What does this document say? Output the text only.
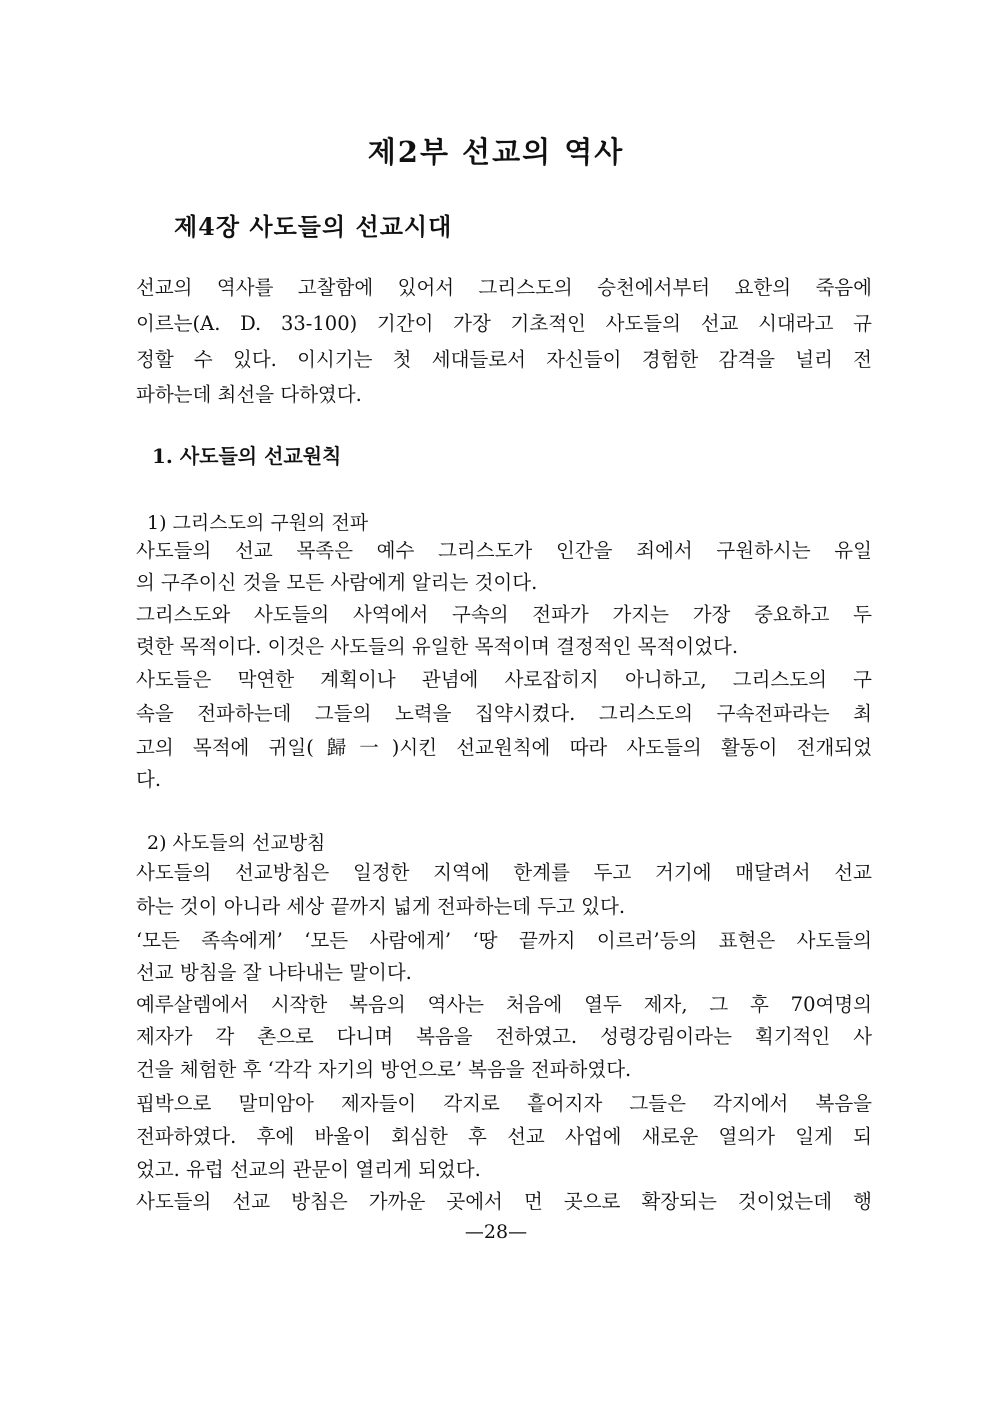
제2부 선교의 역사
제4장 사도들의 선교시대
선교의 역사를 고찰함에 있어서 그리스도의 승천에서부터 요한의 죽음에
이르는(A. D. 33-100) 기간이 가장 기초적인 사도들의 선교 시대라고 규
정할 수 있다. 이시기는 첫 세대들로서 자신들이 경험한 감격을 널리 전
파하는데 최선을 다하였다.
1. 사도들의 선교원칙
1) 그리스도의 구원의 전파
사도들의 선교 목족은 예수 그리스도가 인간을 죄에서 구원하시는 유일
의 구주이신 것을 모든 사람에게 알리는 것이다.
그리스도와 사도들의 사역에서 구속의 전파가 가지는 가장 중요하고 두
렷한 목적이다. 이것은 사도들의 유일한 목적이며 결정적인 목적이었다.
사도들은 막연한 계획이나 관념에 사로잡히지 아니하고, 그리스도의 구
속을 전파하는데 그들의 노력을 집약시켰다. 그리스도의 구속전파라는 최
고의 목적에 귀일(歸一)시킨 선교원칙에 따라 사도들의 활동이 전개되었
다.
2) 사도들의 선교방침
사도들의 선교방침은 일정한 지역에 한계를 두고 거기에 매달려서 선교
하는 것이 아니라 세상 끝까지 넓게 전파하는데 두고 있다.
‘모든 족속에게’ ‘모든 사람에게’ ‘땅 끝까지 이르러’등의 표현은 사도들의
선교 방침을 잘 나타내는 말이다.
예루살렘에서 시작한 복음의 역사는 처음에 열두 제자, 그 후 70여명의
제자가 각 촌으로 다니며 복음을 전하였고. 성령강림이라는 획기적인 사
건을 체험한 후 ‘각각 자기의 방언으로’ 복음을 전파하였다.
핍박으로 말미암아 제자들이 각지로 흩어지자 그들은 각지에서 복음을
전파하였다. 후에 바울이 회심한 후 선교 사업에 새로운 열의가 일게 되
었고. 유럽 선교의 관문이 열리게 되었다.
사도들의 선교 방침은 가까운 곳에서 먼 곳으로 확장되는 것이었는데 행
—28—
